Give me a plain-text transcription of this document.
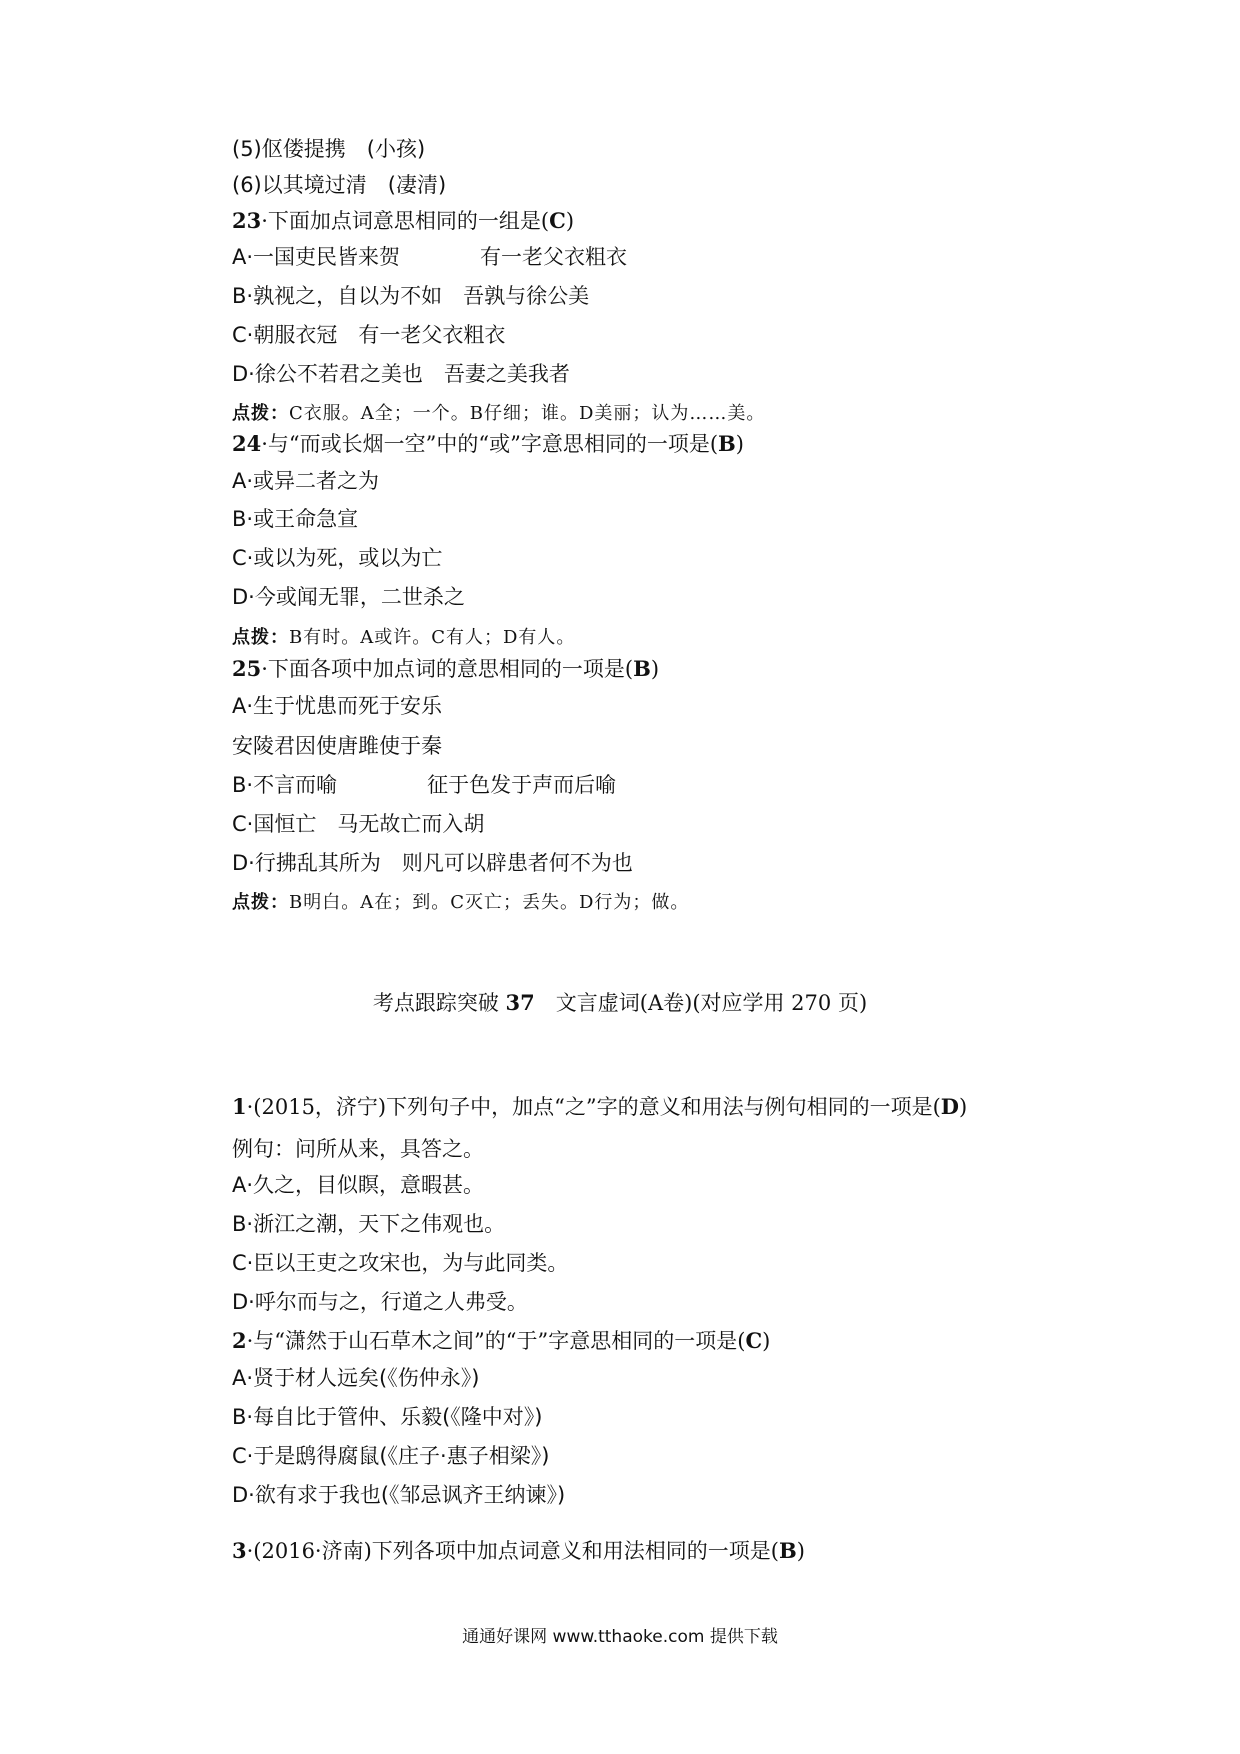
(5)伛偻提携　(小孩)
(6)以其境过清　(凄清)
23·下面加点词意思相同的一组是(C)
A·一国吏民皆来贺	有一老父衣粗衣
B·孰视之，自以为不如　吾孰与徐公美
C·朝服衣冠　有一老父衣粗衣
D·徐公不若君之美也　吾妻之美我者
点拨：C衣服。A全；一个。B仔细；谁。D美丽；认为……美。
24·与“而或长烟一空”中的“或”字意思相同的一项是(B)
A·或异二者之为
B·或王命急宣
C·或以为死，或以为亡
D·今或闻无罪，二世杀之
点拨：B有时。A或许。C有人；D有人。
25·下面各项中加点词的意思相同的一项是(B)
A·生于忧患而死于安乐
安陵君因使唐雎使于秦
B·不言而喻	征于色发于声而后喻
C·国恒亡　马无故亡而入胡
D·行拂乱其所为　则凡可以辟患者何不为也
点拨：B明白。A在；到。C灭亡；丢失。D行为；做。
考点跟踪突破 37　 文言虚词(A卷)(对应学用 270 页)
1·(2015，济宁)下列句子中，加点“之”字的意义和用法与例句相同的一项是(D)
例句：问所从来，具答之。
A·久之，目似瞑，意暇甚。
B·浙江之潮，天下之伟观也。
C·臣以王吏之攻宋也，为与此同类。
D·呼尔而与之，行道之人弗受。
2·与“潇然于山石草木之间”的“于”字意思相同的一项是(C)
A·贤于材人远矣(《伤仲永》)
B·每自比于管仲、乐毅(《隆中对》)
C·于是鸱得腐鼠(《庄子·惠子相梁》)
D·欲有求于我也(《邹忌讽齐王纳谏》)
3·(2016·济南)下列各项中加点词意义和用法相同的一项是(B)
通通好课网 www.tthaoke.com 提供下载
